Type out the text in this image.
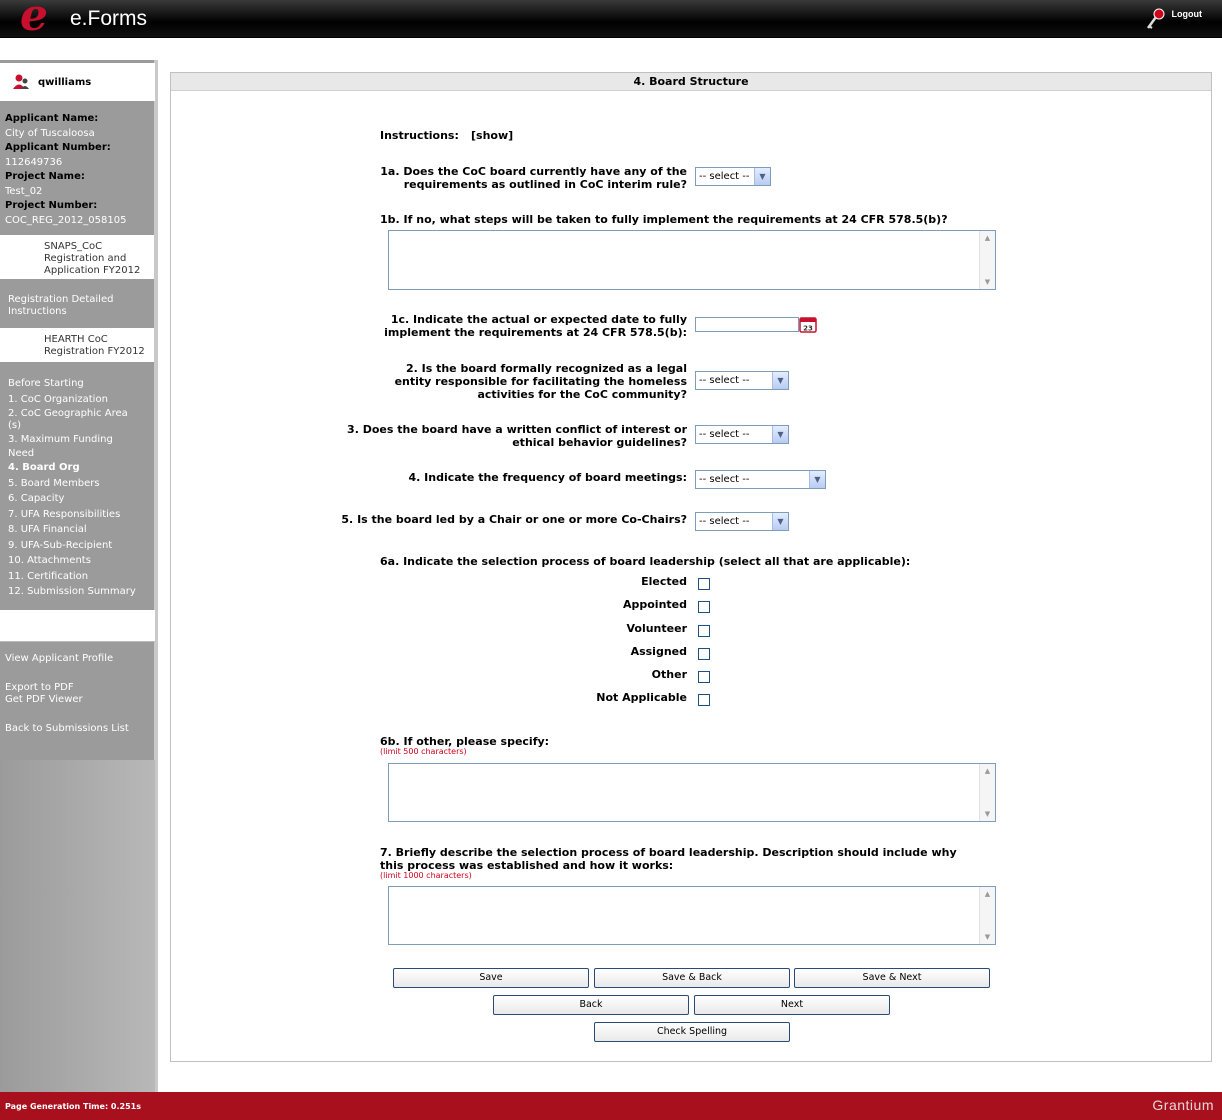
e e.Forms	Logout
qwilliams
Applicant Name:
City of Tuscaloosa
Applicant Number:
112649736
Project Name:
Test_02
Project Number:
COC_REG_2012_058105
SNAPS_CoC
Registration and
Application FY2012
Registration Detailed
Instructions
HEARTH CoC
Registration FY2012
Before Starting
1. CoC Organization
2. CoC Geographic Area
(s)
3. Maximum Funding
Need
4. Board Org
5. Board Members
6. Capacity
7. UFA Responsibilities
8. UFA Financial
9. UFA-Sub-Recipient
10. Attachments
11. Certification
12. Submission Summary
View Applicant Profile
Export to PDF
Get PDF Viewer
Back to Submissions List
4. Board Structure
Instructions: [show]
1a. Does the CoC board currently have any of the
requirements as outlined in CoC interim rule?
-- select --	▼
1b. If no, what steps will be taken to fully implement the requirements at 24 CFR 578.5(b)?
▲
▼
1c. Indicate the actual or expected date to fully
implement the requirements at 24 CFR 578.5(b):	23
2. Is the board formally recognized as a legal
entity responsible for facilitating the homeless
activities for the CoC community?
-- select --	▼
3. Does the board have a written conflict of interest or
ethical behavior guidelines?
-- select --	▼
4. Indicate the frequency of board meetings:	-- select --	▼
5. Is the board led by a Chair or one or more Co-Chairs?	-- select --	▼
6a. Indicate the selection process of board leadership (select all that are applicable):
Elected
Appointed
Volunteer
Assigned
Other
Not Applicable
6b. If other, please specify:
(limit 500 characters)
▲
▼
7. Briefly describe the selection process of board leadership. Description should include why
this process was established and how it works:
(limit 1000 characters)
▲
▼
Save	Save & Back	Save & Next
Back	Next
Check Spelling
Page Generation Time: 0.251s	Grantium
